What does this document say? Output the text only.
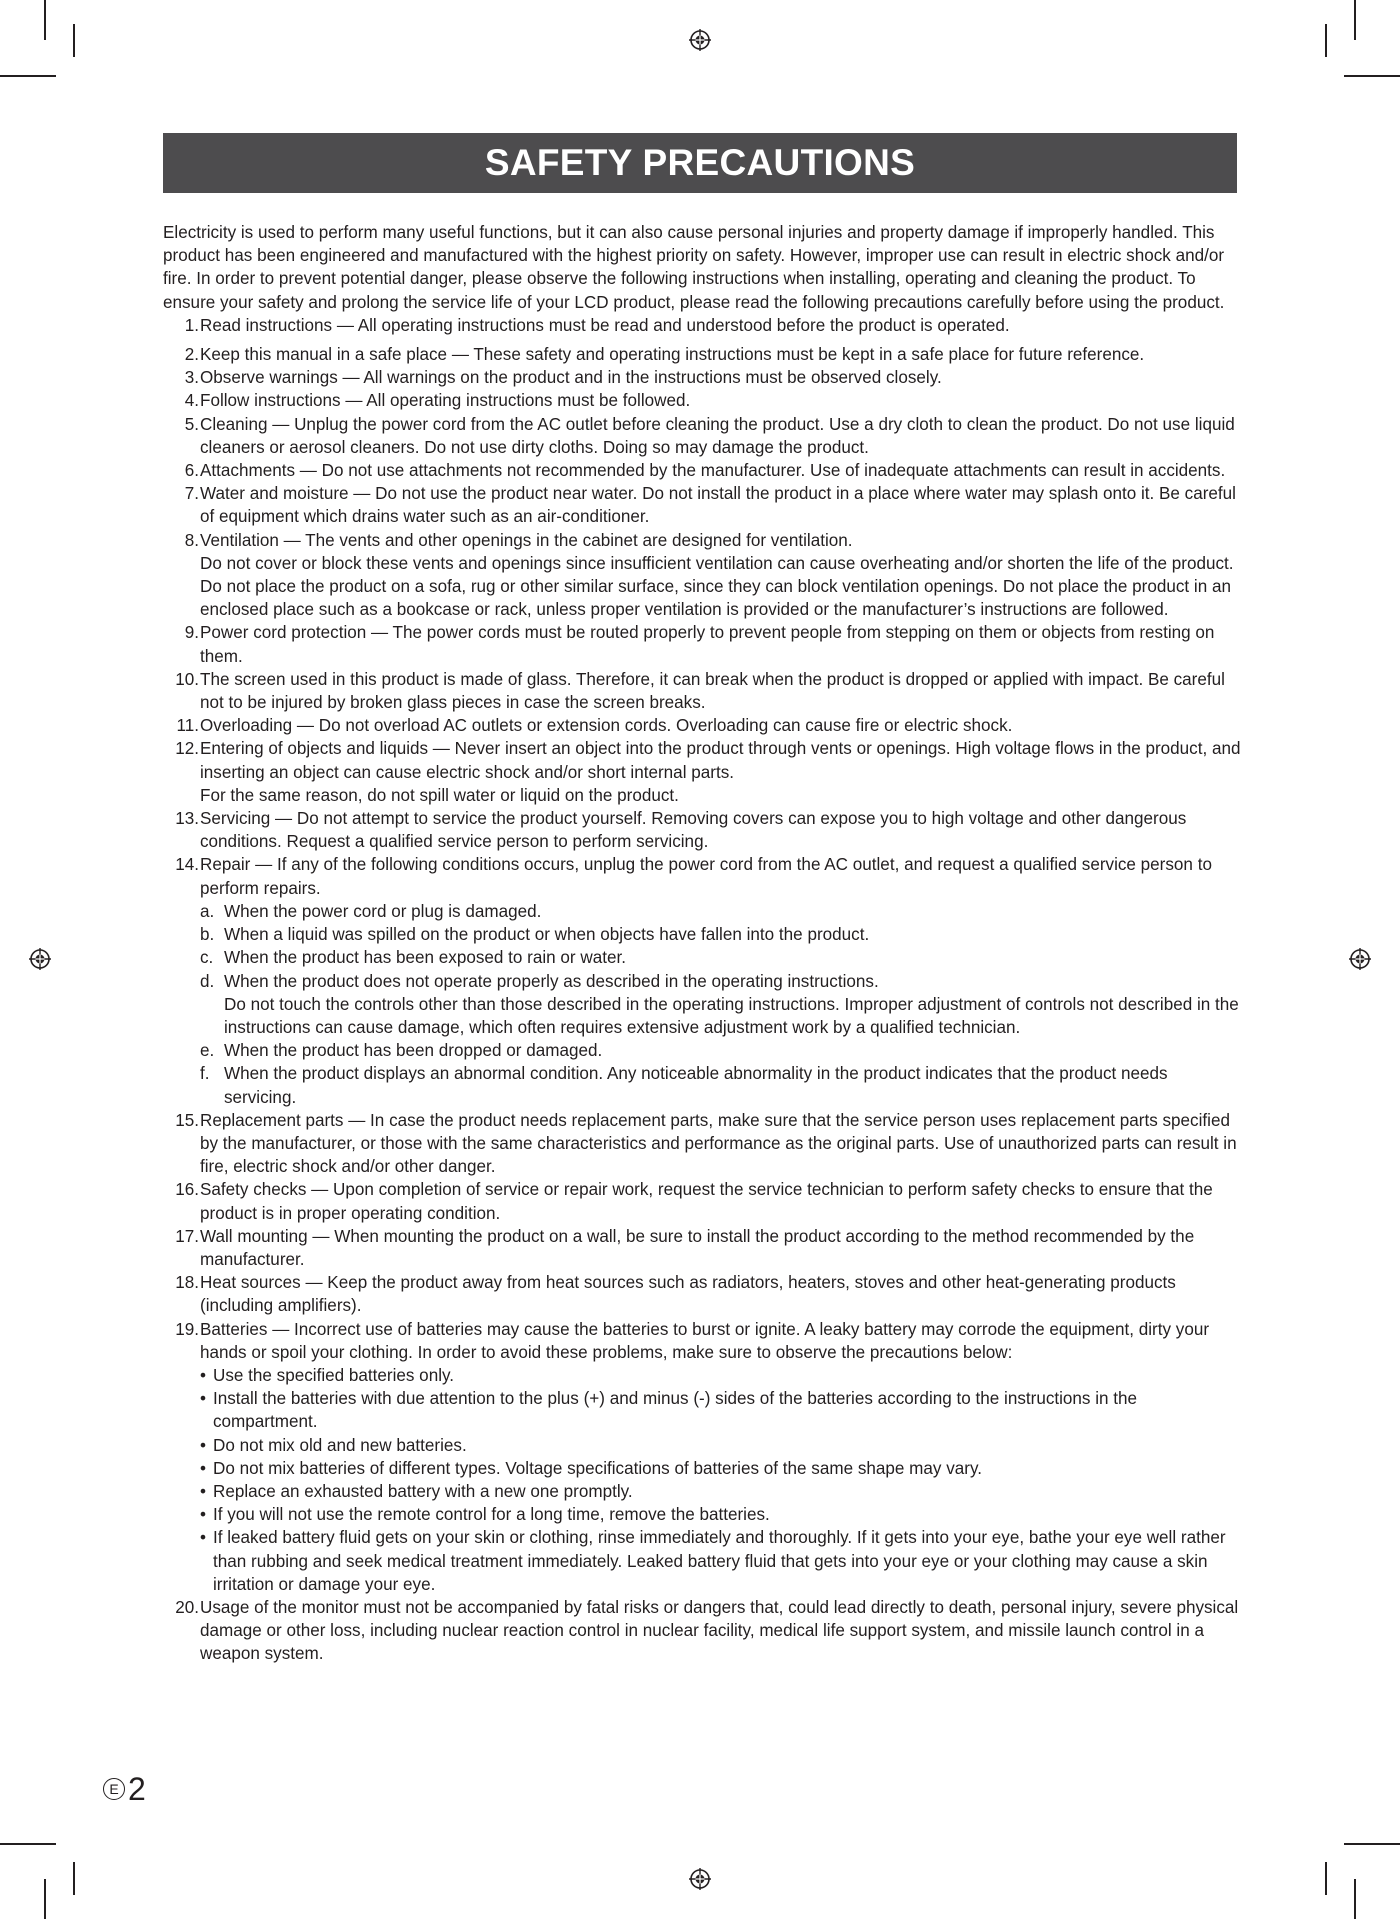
SAFETY PRECAUTIONS

Electricity is used to perform many useful functions, but it can also cause personal injuries and property damage if improperly handled. This product has been engineered and manufactured with the highest priority on safety. However, improper use can result in electric shock and/or fire. In order to prevent potential danger, please observe the following instructions when installing, operating and cleaning the product. To ensure your safety and prolong the service life of your LCD product, please read the following precautions carefully before using the product.

1. Read instructions — All operating instructions must be read and understood before the product is operated.
2. Keep this manual in a safe place — These safety and operating instructions must be kept in a safe place for future reference.
3. Observe warnings — All warnings on the product and in the instructions must be observed closely.
4. Follow instructions — All operating instructions must be followed.
5. Cleaning — Unplug the power cord from the AC outlet before cleaning the product. Use a dry cloth to clean the product. Do not use liquid cleaners or aerosol cleaners. Do not use dirty cloths. Doing so may damage the product.
6. Attachments — Do not use attachments not recommended by the manufacturer. Use of inadequate attachments can result in accidents.
7. Water and moisture — Do not use the product near water. Do not install the product in a place where water may splash onto it. Be careful of equipment which drains water such as an air-conditioner.
8. Ventilation — The vents and other openings in the cabinet are designed for ventilation.
Do not cover or block these vents and openings since insufficient ventilation can cause overheating and/or shorten the life of the product. Do not place the product on a sofa, rug or other similar surface, since they can block ventilation openings. Do not place the product in an enclosed place such as a bookcase or rack, unless proper ventilation is provided or the manufacturer’s instructions are followed.
9. Power cord protection — The power cords must be routed properly to prevent people from stepping on them or objects from resting on them.
10. The screen used in this product is made of glass. Therefore, it can break when the product is dropped or applied with impact. Be careful not to be injured by broken glass pieces in case the screen breaks.
11. Overloading — Do not overload AC outlets or extension cords. Overloading can cause fire or electric shock.
12. Entering of objects and liquids — Never insert an object into the product through vents or openings. High voltage flows in the product, and inserting an object can cause electric shock and/or short internal parts.
For the same reason, do not spill water or liquid on the product.
13. Servicing — Do not attempt to service the product yourself. Removing covers can expose you to high voltage and other dangerous conditions. Request a qualified service person to perform servicing.
14. Repair — If any of the following conditions occurs, unplug the power cord from the AC outlet, and request a qualified service person to perform repairs.
a. When the power cord or plug is damaged.
b. When a liquid was spilled on the product or when objects have fallen into the product.
c. When the product has been exposed to rain or water.
d. When the product does not operate properly as described in the operating instructions.
Do not touch the controls other than those described in the operating instructions. Improper adjustment of controls not described in the instructions can cause damage, which often requires extensive adjustment work by a qualified technician.
e. When the product has been dropped or damaged.
f. When the product displays an abnormal condition. Any noticeable abnormality in the product indicates that the product needs servicing.
15. Replacement parts — In case the product needs replacement parts, make sure that the service person uses replacement parts specified by the manufacturer, or those with the same characteristics and performance as the original parts. Use of unauthorized parts can result in fire, electric shock and/or other danger.
16. Safety checks — Upon completion of service or repair work, request the service technician to perform safety checks to ensure that the product is in proper operating condition.
17. Wall mounting — When mounting the product on a wall, be sure to install the product according to the method recommended by the manufacturer.
18. Heat sources — Keep the product away from heat sources such as radiators, heaters, stoves and other heat-generating products (including amplifiers).
19. Batteries — Incorrect use of batteries may cause the batteries to burst or ignite. A leaky battery may corrode the equipment, dirty your hands or spoil your clothing. In order to avoid these problems, make sure to observe the precautions below:
• Use the specified batteries only.
• Install the batteries with due attention to the plus (+) and minus (-) sides of the batteries according to the instructions in the compartment.
• Do not mix old and new batteries.
• Do not mix batteries of different types. Voltage specifications of batteries of the same shape may vary.
• Replace an exhausted battery with a new one promptly.
• If you will not use the remote control for a long time, remove the batteries.
• If leaked battery fluid gets on your skin or clothing, rinse immediately and thoroughly. If it gets into your eye, bathe your eye well rather than rubbing and seek medical treatment immediately. Leaked battery fluid that gets into your eye or your clothing may cause a skin irritation or damage your eye.
20. Usage of the monitor must not be accompanied by fatal risks or dangers that, could lead directly to death, personal injury, severe physical damage or other loss, including nuclear reaction control in nuclear facility, medical life support system, and missile launch control in a weapon system.
E 2
